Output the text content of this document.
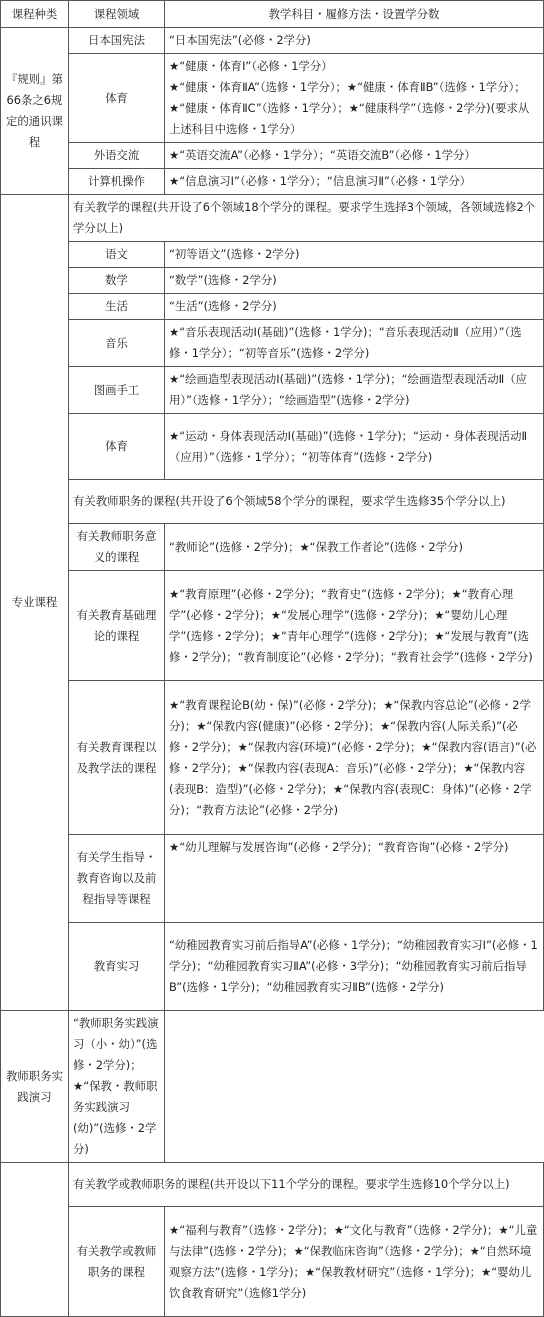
课程种类	课程领域	教学科目・履修方法・设置学分数
『规则』第66条之6规定的通识课程	日本国宪法	“日本国宪法”(必修・2学分)
	体育	★“健康・体育Ⅰ”（必修・1学分）
★“健康・体育ⅡA”（选修・1学分）；★“健康・体育ⅡB”（选修・1学分）；★“健康・体育ⅡC”（选修・1学分）；★“健康科学”（选修・2学分)(要求从上述科目中选修・1学分）
	外语交流	★“英语交流A”（必修・1学分）；“英语交流B”（必修・1学分）
	计算机操作	★“信息演习Ⅰ”（必修・1学分）；“信息演习Ⅱ”（必修・1学分）
专业课程	有关教学的课程(共开设了6个领域18个学分的课程。要求学生选择3个领域，各领域选修2个学分以上)	
	语文	“初等语文”(选修・2学分)
	数学	“数学”(选修・2学分)
	生活	“生活”(选修・2学分)
	音乐	★“音乐表现活动Ⅰ(基础)”(选修・1学分)；“音乐表现活动Ⅱ（应用）”（选修・1学分）；“初等音乐”(选修・2学分)
	图画手工	★“绘画造型表现活动Ⅰ(基础)”(选修・1学分)；“绘画造型表现活动Ⅱ（应用）”（选修・1学分）；“绘画造型”(选修・2学分)
	体育	★“运动・身体表现活动Ⅰ(基础)”(选修・1学分)；“运动・身体表现活动Ⅱ（应用）”（选修・1学分）；“初等体育”(选修・2学分)
	有关教师职务的课程(共开设了6个领域58个学分的课程，要求学生选修35个学分以上)	
	有关教师职务意义的课程	“教师论”(选修・2学分)；★“保教工作者论”(选修・2学分)
	有关教育基础理论的课程	★“教育原理”(必修・2学分)；“教育史”(选修・2学分)；★“教育心理学”(必修・2学分)；★“发展心理学”(选修・2学分)；★“婴幼儿心理学”(选修・2学分)；★“青年心理学”(选修・2学分)；★“发展与教育”(选修・2学分)；“教育制度论”(必修・2学分)；“教育社会学”(选修・2学分)
	有关教育课程以及教学法的课程	★“教育课程论B(幼・保)”(必修・2学分)；★“保教内容总论”(必修・2学分)；★“保教内容(健康)”(必修・2学分)；★“保教内容(人际关系)”(必修・2学分)；★“保教内容(环境)”(必修・2学分)；★“保教内容(语言)”(必修・2学分)；★“保教内容(表现A：音乐)”(必修・2学分)；★“保教内容(表现B：造型)”(必修・2学分)；★“保教内容(表现C：身体)”(必修・2学分)；“教育方法论”(必修・2学分)
	有关学生指导・教育咨询以及前程指导等课程	★“幼儿理解与发展咨询”(必修・2学分)；“教育咨询”(必修・2学分)
	教育实习	“幼稚园教育实习前后指导A”(必修・1学分)；“幼稚园教育实习Ⅰ”(必修・1学分)；“幼稚园教育实习ⅡA”(必修・3学分)；“幼稚园教育实习前后指导B”(选修・1学分)；“幼稚园教育实习ⅡB”(选修・2学分)
教师职务实践演习	“教师职务实践演习（小・幼）”(选修・2学分)；★“保教・教师职务实践演习(幼)”(选修・2学分)	
	有关教学或教师职务的课程(共开设以下11个学分的课程。要求学生选修10个学分以上)	
	有关教学或教师职务的课程	★“福利与教育”（选修・2学分)；★“文化与教育”（选修・2学分)；★“儿童与法律”(选修・2学分)；★“保教临床咨询”（选修・2学分)；★“自然环境观察方法”(选修・1学分)；★“保教教材研究”（选修・1学分)；★“婴幼儿饮食教育研究”（选修1学分)
